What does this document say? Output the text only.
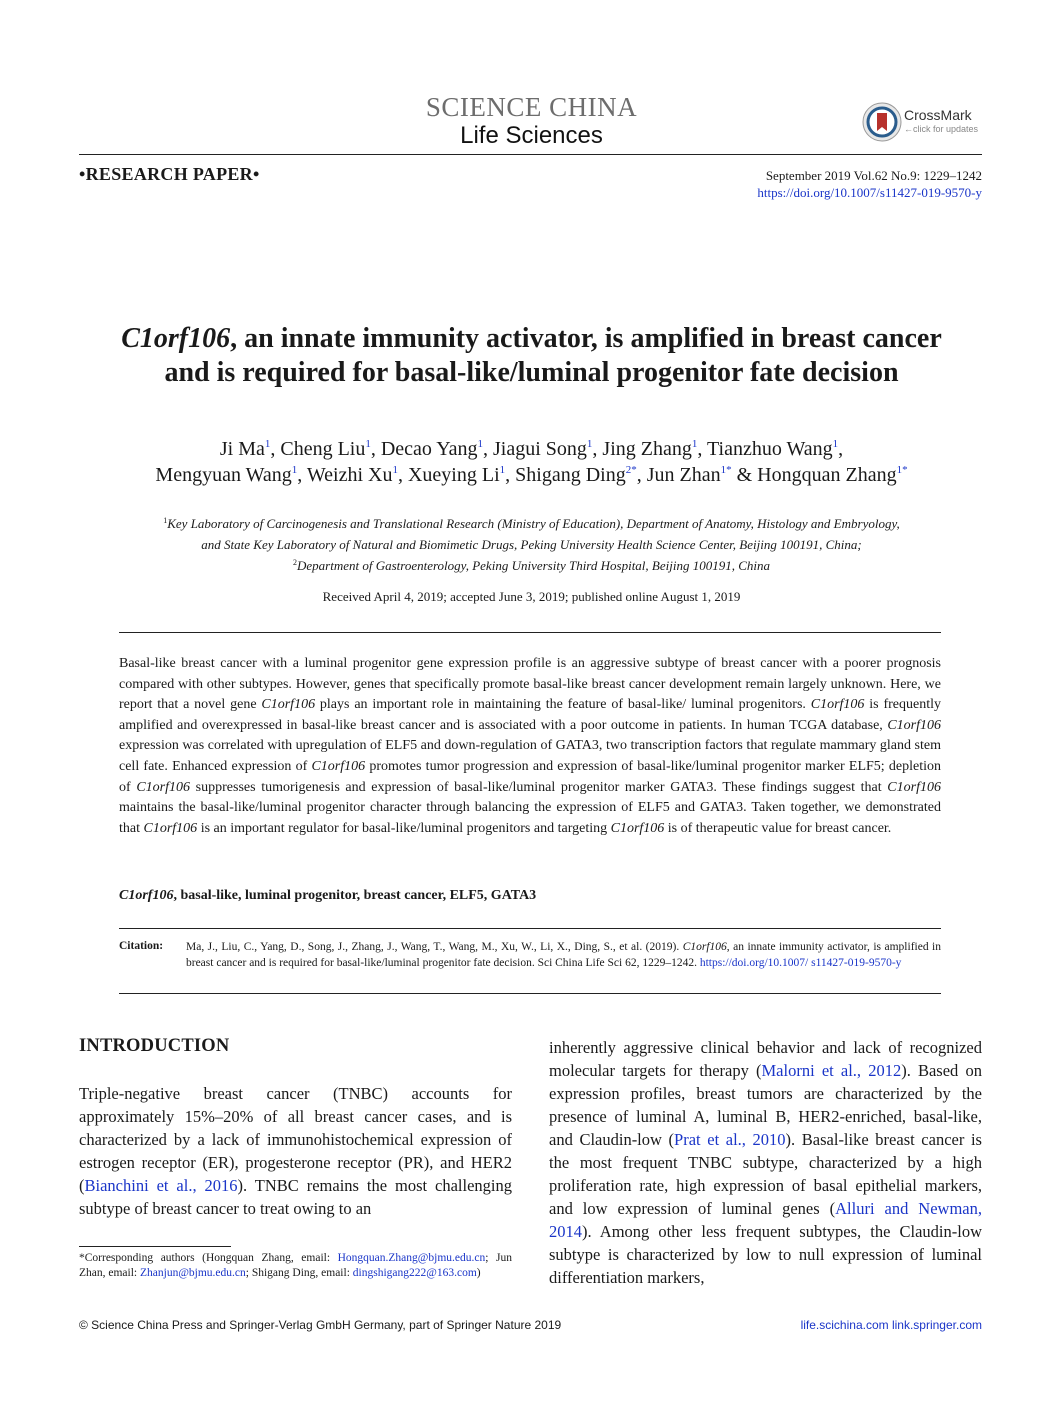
SCIENCE CHINA
Life Sciences
CrossMark
←click for updates
•RESEARCH PAPER•	September 2019 Vol.62 No.9: 1229–1242
https://doi.org/10.1007/s11427-019-9570-y
C1orf106, an innate immunity activator, is amplified in breast cancer and is required for basal-like/luminal progenitor fate decision
Ji Ma$^1$, Cheng Liu$^1$, Decao Yang$^1$, Jiagui Song$^1$, Jing Zhang$^1$, Tianzhuo Wang$^1$,
Mengyuan Wang$^1$, Weizhi Xu$^1$, Xueying Li$^1$, Shigang Ding$^{2*}$, Jun Zhan$^{1*}$ & Hongquan Zhang$^{1*}$
$^1$Key Laboratory of Carcinogenesis and Translational Research (Ministry of Education), Department of Anatomy, Histology and Embryology,
and State Key Laboratory of Natural and Biomimetic Drugs, Peking University Health Science Center, Beijing 100191, China;
$^2$Department of Gastroenterology, Peking University Third Hospital, Beijing 100191, China
Received April 4, 2019; accepted June 3, 2019; published online August 1, 2019
Basal-like breast cancer with a luminal progenitor gene expression profile is an aggressive subtype of breast cancer with a poorer prognosis compared with other subtypes. However, genes that specifically promote basal-like breast cancer development remain largely unknown. Here, we report that a novel gene C1orf106 plays an important role in maintaining the feature of basal-like/ luminal progenitors. C1orf106 is frequently amplified and overexpressed in basal-like breast cancer and is associated with a poor outcome in patients. In human TCGA database, C1orf106 expression was correlated with upregulation of ELF5 and down-regulation of GATA3, two transcription factors that regulate mammary gland stem cell fate. Enhanced expression of C1orf106 promotes tumor progression and expression of basal-like/luminal progenitor marker ELF5; depletion of C1orf106 suppresses tumorigenesis and expression of basal-like/luminal progenitor marker GATA3. These findings suggest that C1orf106 maintains the basal-like/luminal progenitor character through balancing the expression of ELF5 and GATA3. Taken together, we demonstrated that C1orf106 is an important regulator for basal-like/luminal progenitors and targeting C1orf106 is of therapeutic value for breast cancer.
C1orf106, basal-like, luminal progenitor, breast cancer, ELF5, GATA3
Citation: Ma, J., Liu, C., Yang, D., Song, J., Zhang, J., Wang, T., Wang, M., Xu, W., Li, X., Ding, S., et al. (2019). C1orf106, an innate immunity activator, is amplified in breast cancer and is required for basal-like/luminal progenitor fate decision. Sci China Life Sci 62, 1229–1242. https://doi.org/10.1007/ s11427-019-9570-y
INTRODUCTION
Triple-negative breast cancer (TNBC) accounts for approximately 15%–20% of all breast cancer cases, and is characterized by a lack of immunohistochemical expression of estrogen receptor (ER), progesterone receptor (PR), and HER2 (Bianchini et al., 2016). TNBC remains the most challenging subtype of breast cancer to treat owing to an
inherently aggressive clinical behavior and lack of recognized molecular targets for therapy (Malorni et al., 2012). Based on expression profiles, breast tumors are characterized by the presence of luminal A, luminal B, HER2-enriched, basal-like, and Claudin-low (Prat et al., 2010). Basal-like breast cancer is the most frequent TNBC subtype, characterized by a high proliferation rate, high expression of basal epithelial markers, and low expression of luminal genes (Alluri and Newman, 2014). Among other less frequent subtypes, the Claudin-low subtype is characterized by low to null expression of luminal differentiation markers,
*Corresponding authors (Hongquan Zhang, email: Hongquan.Zhang@bjmu.edu.cn; Jun Zhan, email: Zhanjun@bjmu.edu.cn; Shigang Ding, email: dingshigang222@163.com)
© Science China Press and Springer-Verlag GmbH Germany, part of Springer Nature 2019	life.scichina.com link.springer.com
